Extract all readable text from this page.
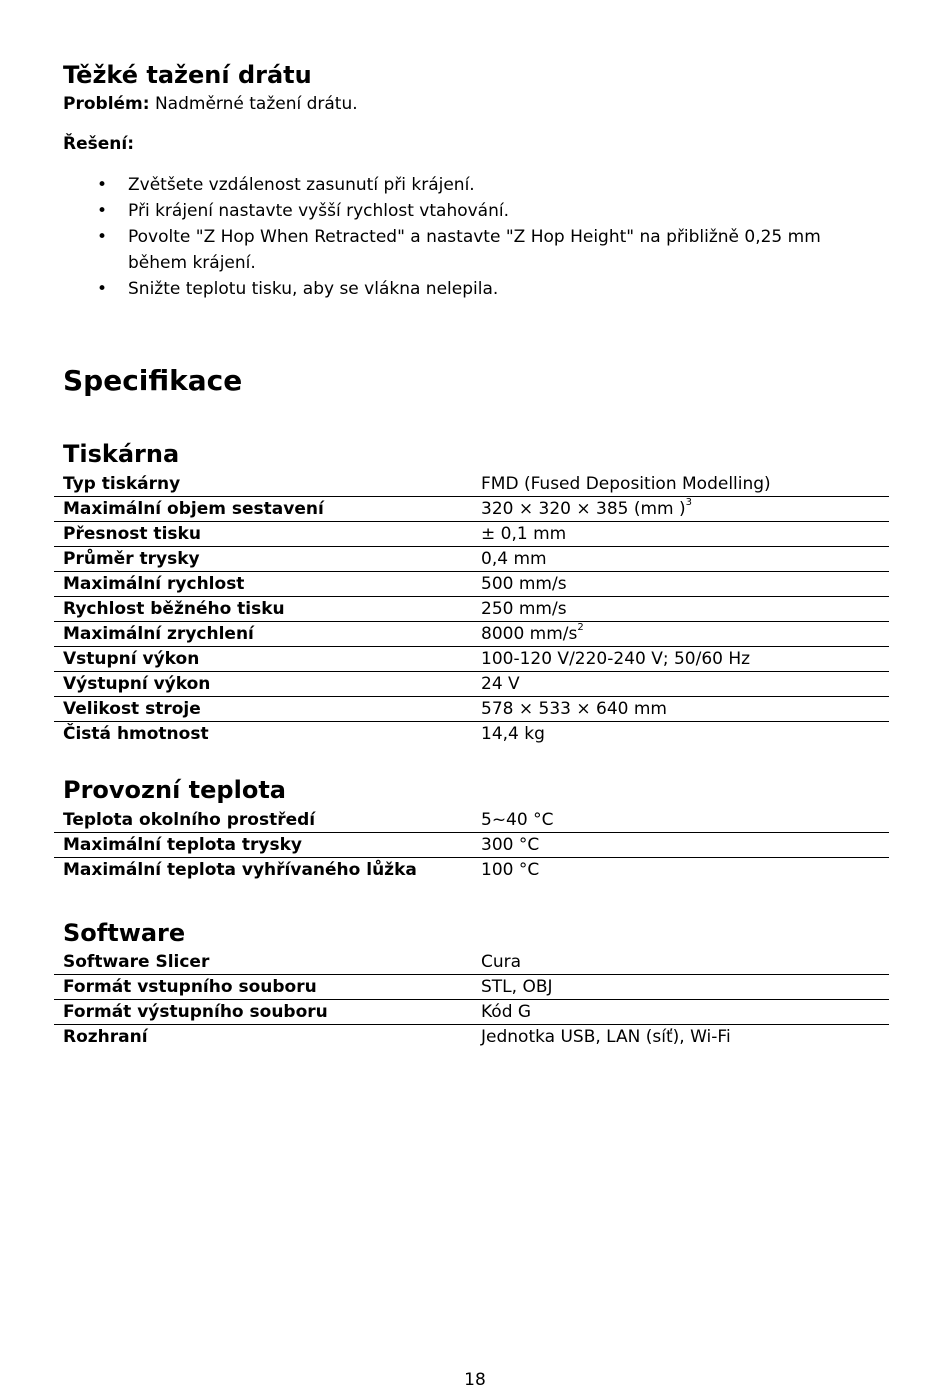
Těžké tažení drátu
Problém: Nadměrné tažení drátu.
Řešení:
• Zvětšete vzdálenost zasunutí při krájení.
• Při krájení nastavte vyšší rychlost vtahování.
• Povolte "Z Hop When Retracted" a nastavte "Z Hop Height" na přibližně 0,25 mm během krájení.
• Snižte teplotu tisku, aby se vlákna nelepila.
Specifikace
Tiskárna
Typ tiskárny	FMD (Fused Deposition Modelling)
Maximální objem sestavení	320 × 320 × 385 (mm )$^3$
Přesnost tisku	± 0,1 mm
Průměr trysky	0,4 mm
Maximální rychlost	500 mm/s
Rychlost běžného tisku	250 mm/s
Maximální zrychlení	8000 $mm/s^2$
Vstupní výkon	100-120 V/220-240 V; 50/60 Hz
Výstupní výkon	24 V
Velikost stroje	578 × 533 × 640 mm
Čistá hmotnost	14,4 kg
Provozní teplota
Teplota okolního prostředí	5~40 °C
Maximální teplota trysky	300 °C
Maximální teplota vyhřívaného lůžka	100 °C
Software
Software Slicer	Cura
Formát vstupního souboru	STL, OBJ
Formát výstupního souboru	Kód G
Rozhraní	Jednotka USB, LAN (síť), Wi-Fi
18
